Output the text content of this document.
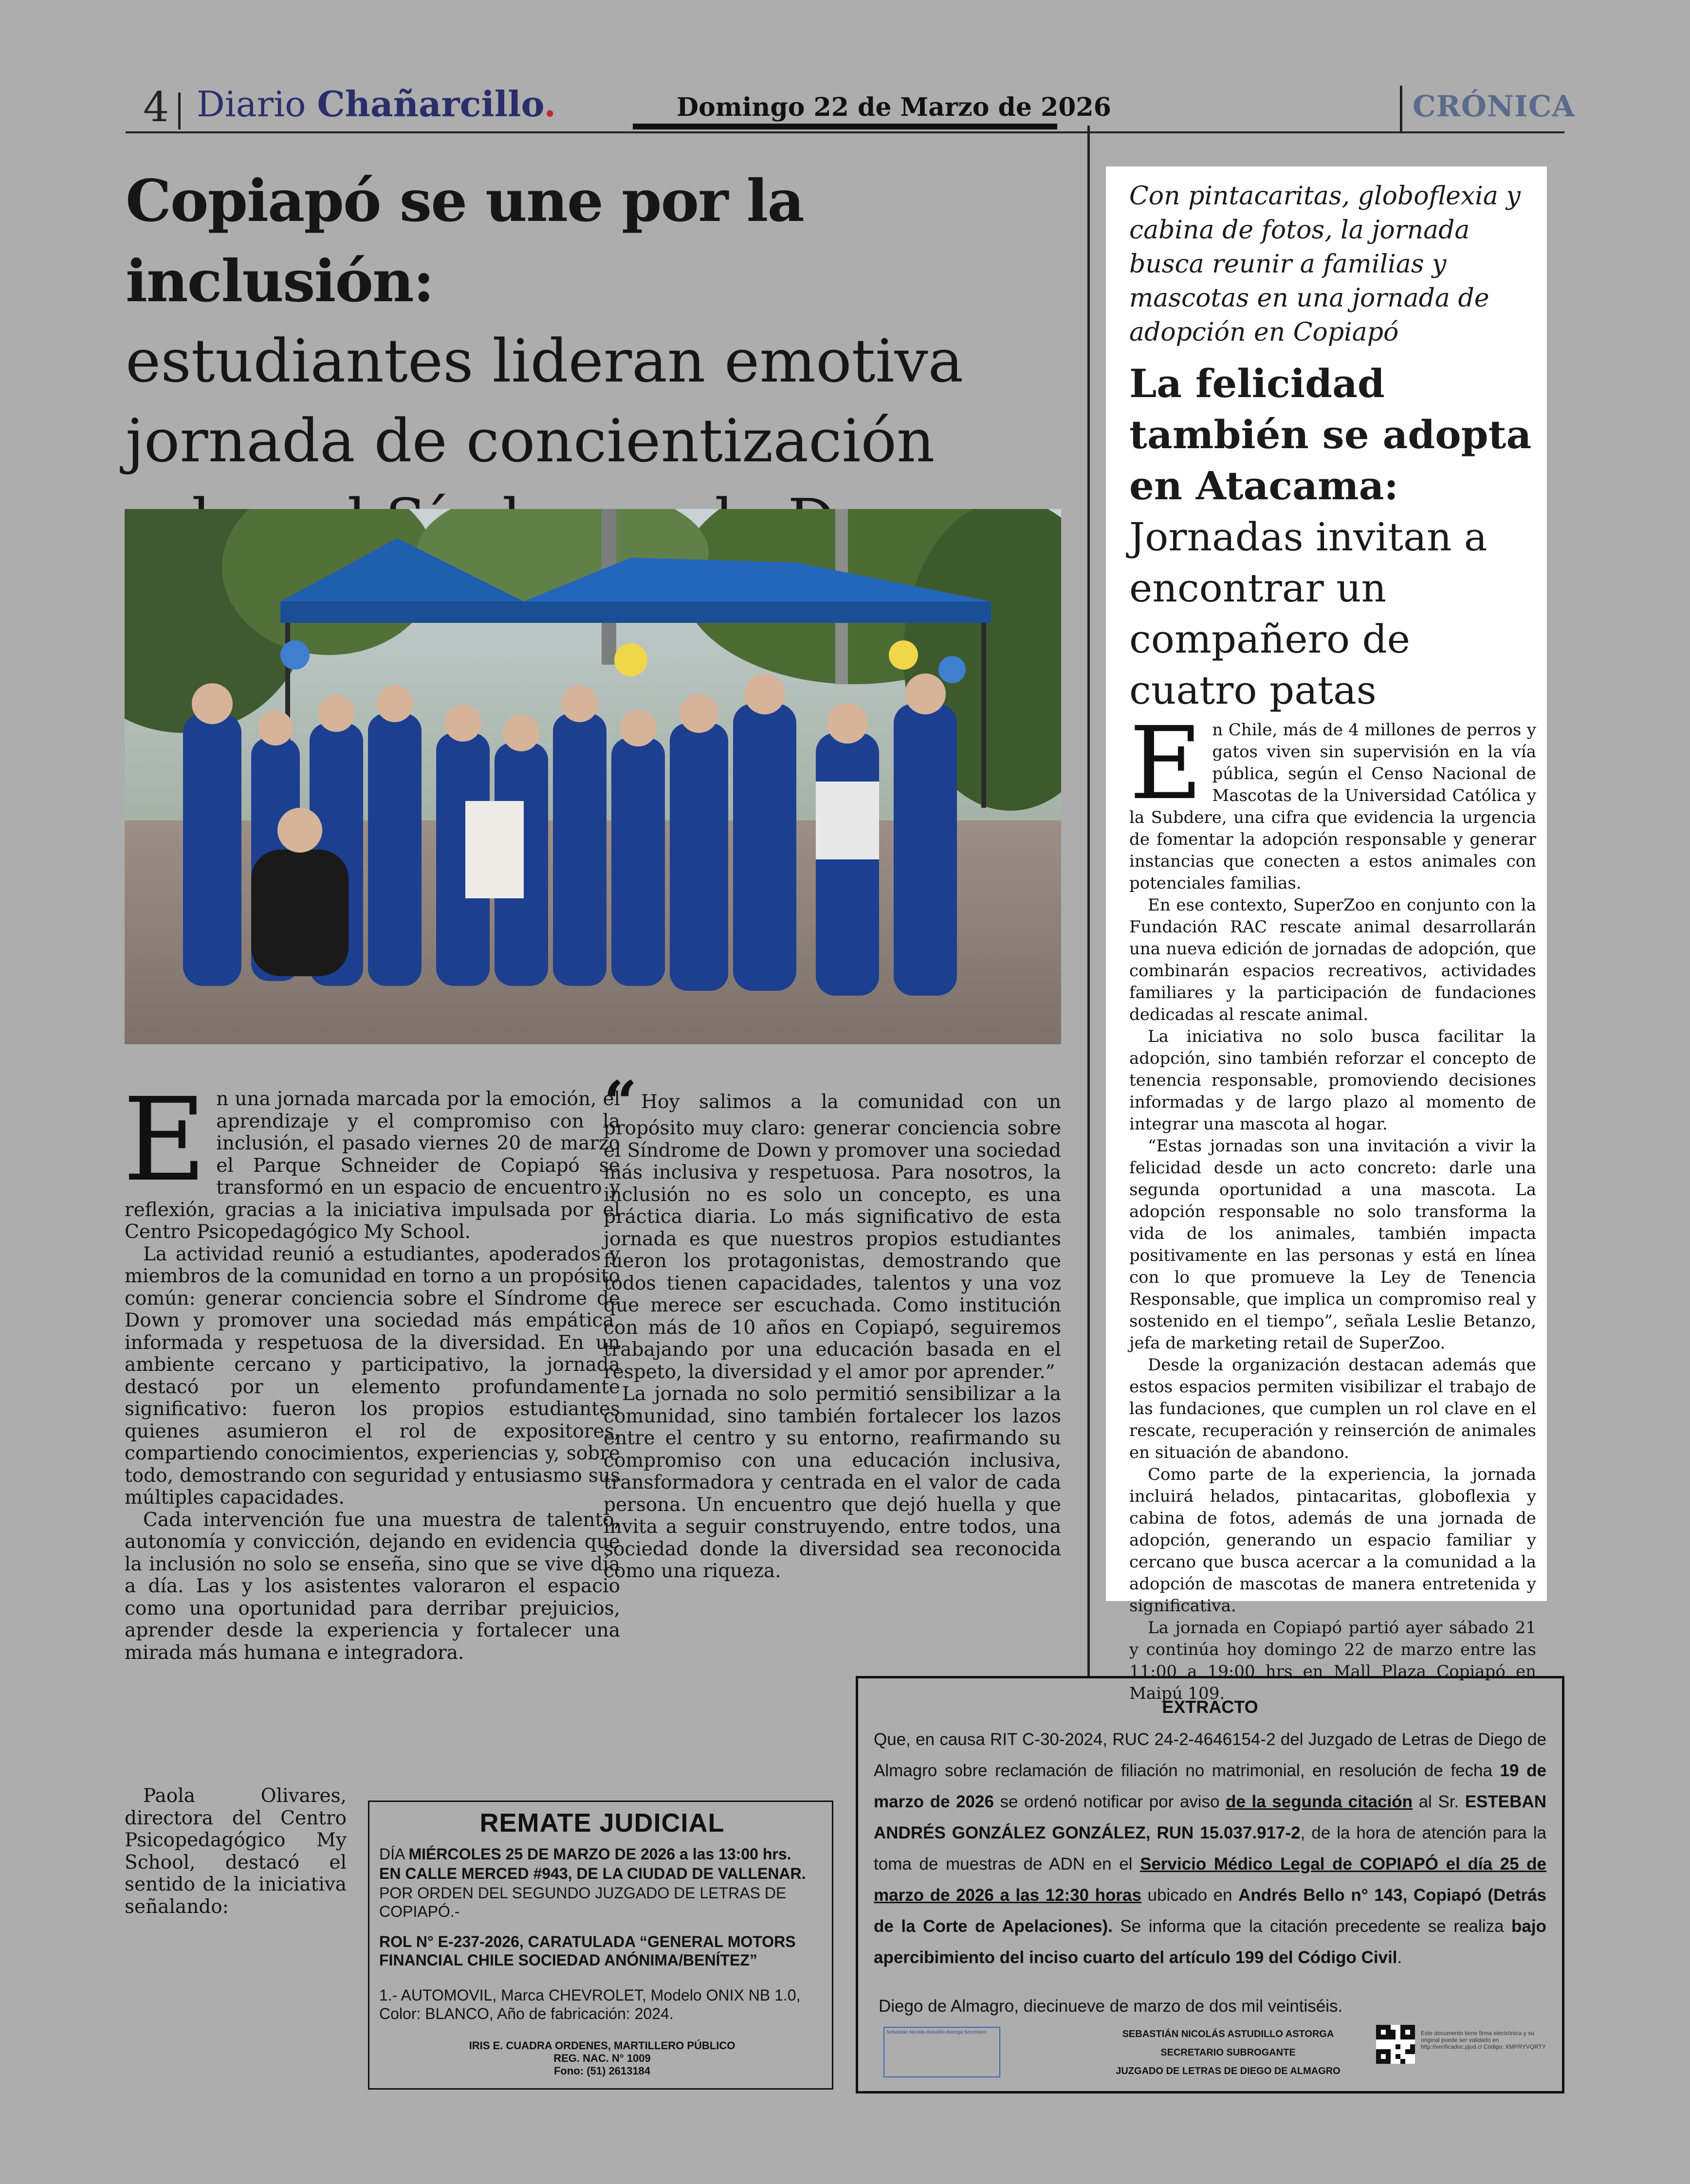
4 Diario Chañarcillo.	Domingo 22 de Marzo de 2026	CRÓNICA
Copiapó se une por la inclusión:
estudiantes lideran emotiva jornada de concientización
E n una jornada marcada por la emoción, el aprendizaje y el compromiso con la inclusión, el pasado viernes 20 de marzo el Parque Schneider de Copiapó se transformó en un espacio de encuentro y reflexión, gracias a la iniciativa impulsada por el Centro Psicopedagógico My School.

La actividad reunió a estudiantes, apoderados y miembros de la comunidad en torno a un propósito común: generar conciencia sobre el Síndrome de Down y promover una sociedad más empática, informada y respetuosa de la diversidad. En un ambiente cercano y participativo, la jornada destacó por un elemento profundamente significativo: fueron los propios estudiantes quienes asumieron el rol de expositores, compartiendo conocimientos, experiencias y, sobre todo, demostrando con seguridad y entusiasmo sus múltiples capacidades.

Cada intervención fue una muestra de talento, autonomía y convicción, dejando en evidencia que la inclusión no solo se enseña, sino que se vive día a día. Las y los asistentes valoraron el espacio como una oportunidad para derribar prejuicios, aprender desde la experiencia y fortalecer una mirada más humana e integradora.

Paola Olivares, directora del Centro Psicopedagógico My School, destacó el sentido de la iniciativa señalando:

“ Hoy salimos a la comunidad con un propósito muy claro: generar conciencia sobre el Síndrome de Down y promover una sociedad más inclusiva y respetuosa. Para nosotros, la inclusión no es solo un concepto, es una práctica diaria. Lo más significativo de esta jornada es que nuestros propios estudiantes fueron los protagonistas, demostrando que todos tienen capacidades, talentos y una voz que merece ser escuchada. Como institución con más de 10 años en Copiapó, seguiremos trabajando por una educación basada en el respeto, la diversidad y el amor por aprender.”

La jornada no solo permitió sensibilizar a la comunidad, sino también fortalecer los lazos entre el centro y su entorno, reafirmando su compromiso con una educación inclusiva, transformadora y centrada en el valor de cada persona. Un encuentro que dejó huella y que invita a seguir construyendo, entre todos, una sociedad donde la diversidad sea reconocida como una riqueza.

Con pintacaritas, globoflexia y cabina de fotos, la jornada busca reunir a familias y mascotas en una jornada de adopción en Copiapó
La felicidad también se adopta en Atacama:
Jornadas invitan a encontrar un compañero de cuatro patas
E n Chile, más de 4 millones de perros y gatos viven sin supervisión en la vía pública, según el Censo Nacional de Mascotas de la Universidad Católica y la Subdere, una cifra que evidencia la urgencia de fomentar la adopción responsable y generar instancias que conecten a estos animales con potenciales familias.

En ese contexto, SuperZoo en conjunto con la Fundación RAC rescate animal desarrollarán una nueva edición de jornadas de adopción, que combinarán espacios recreativos, actividades familiares y la participación de fundaciones dedicadas al rescate animal.

La iniciativa no solo busca facilitar la adopción, sino también reforzar el concepto de tenencia responsable, promoviendo decisiones informadas y de largo plazo al momento de integrar una mascota al hogar.

“Estas jornadas son una invitación a vivir la felicidad desde un acto concreto: darle una segunda oportunidad a una mascota. La adopción responsable no solo transforma la vida de los animales, también impacta positivamente en las personas y está en línea con lo que promueve la Ley de Tenencia Responsable, que implica un compromiso real y sostenido en el tiempo”, señala Leslie Betanzo, jefa de marketing retail de SuperZoo.

Desde la organización destacan además que estos espacios permiten visibilizar el trabajo de las fundaciones, que cumplen un rol clave en el rescate, recuperación y reinserción de animales en situación de abandono.

Como parte de la experiencia, la jornada incluirá helados, pintacaritas, globoflexia y cabina de fotos, además de una jornada de adopción, generando un espacio familiar y cercano que busca acercar a la comunidad a la adopción de mascotas de manera entretenida y significativa.

La jornada en Copiapó partió ayer sábado 21 y continúa hoy domingo 22 de marzo entre las 11:00 a 19:00 hrs en Mall Plaza Copiapó en Maipú 109.

REMATE JUDICIAL
DÍA MIÉRCOLES 25 DE MARZO DE 2026 a las 13:00 hrs.
EN CALLE MERCED #943, DE LA CIUDAD DE VALLENAR.
POR ORDEN DEL SEGUNDO JUZGADO DE LETRAS DE COPIAPÓ.-
ROL N° E-237-2026, CARATULADA “GENERAL MOTORS FINANCIAL CHILE SOCIEDAD ANÓNIMA/BENÍTEZ”
1.- AUTOMOVIL, Marca CHEVROLET, Modelo ONIX NB 1.0, Color: BLANCO, Año de fabricación: 2024.
IRIS E. CUADRA ORDENES, MARTILLERO PÚBLICO
REG. NAC. N° 1009
Fono: (51) 2613184
EXTRACTO
Que, en causa RIT C-30-2024, RUC 24-2-4646154-2 del Juzgado de Letras de Diego de Almagro sobre reclamación de filiación no matrimonial, en resolución de fecha 19 de marzo de 2026 se ordenó notificar por aviso de la segunda citación al Sr. ESTEBAN ANDRÉS GONZÁLEZ GONZÁLEZ, RUN 15.037.917-2, de la hora de atención para la toma de muestras de ADN en el Servicio Médico Legal de COPIAPÓ el día 25 de marzo de 2026 a las 12:30 horas ubicado en Andrés Bello n° 143, Copiapó (Detrás de la Corte de Apelaciones). Se informa que la citación precedente se realiza bajo apercibimiento del inciso cuarto del artículo 199 del Código Civil.
Diego de Almagro, diecinueve de marzo de dos mil veintiséis.
Sebastián Nicolás Astudillo Astorga Secretario	SEBASTIÁN NICOLÁS ASTUDILLO ASTORGA
SECRETARIO SUBROGANTE
JUZGADO DE LETRAS DE DIEGO DE ALMAGRO
Este documento tiene firma electrónica y su original puede ser validado en http://verificadoc.pjud.cl Código: XMPRYVQRTY
